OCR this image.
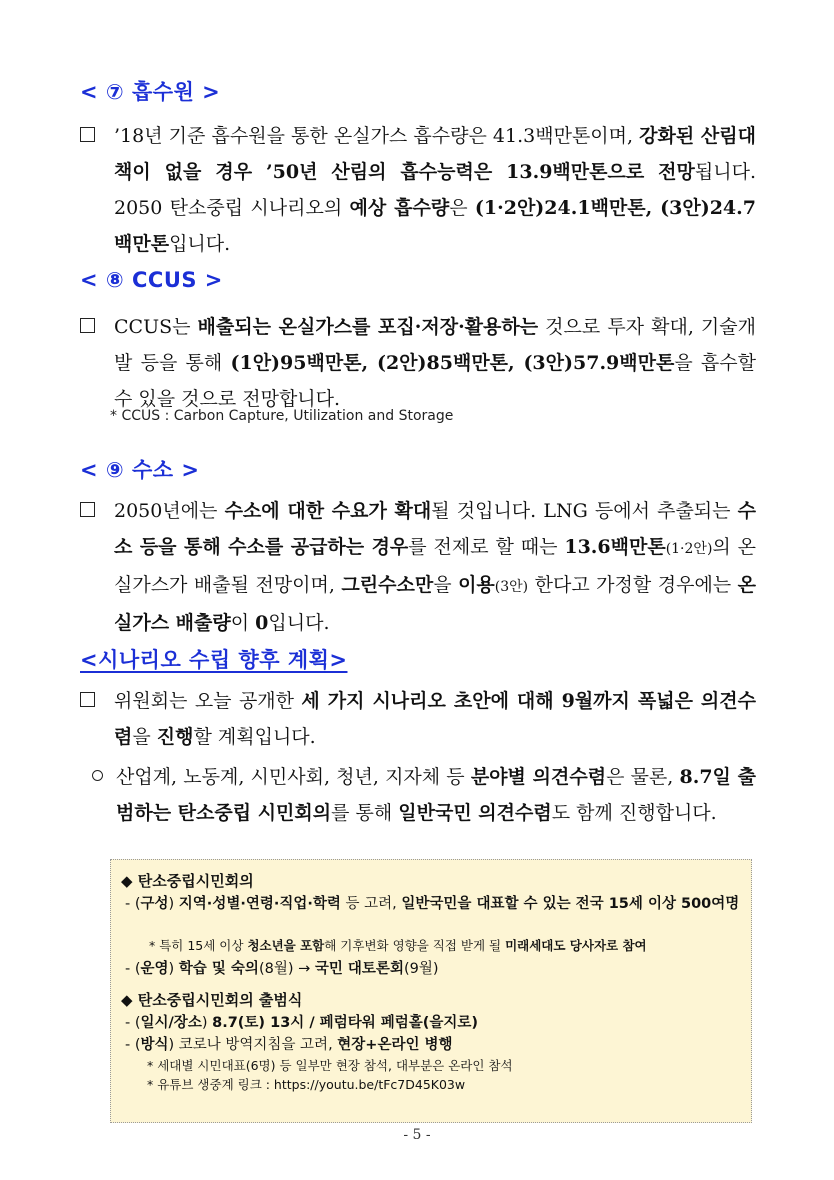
< ⑦ 흡수원 >
’18년 기준 흡수원을 통한 온실가스 흡수량은 41.3백만톤이며, 강화된 산림대책이 없을 경우 ’50년 산림의 흡수능력은 13.9백만톤으로 전망됩니다. 2050 탄소중립 시나리오의 예상 흡수량은 (1·2안)24.1백만톤, (3안)24.7백만톤입니다.
< ⑧ CCUS >
CCUS는 배출되는 온실가스를 포집·저장·활용하는 것으로 투자 확대, 기술개발 등을 통해 (1안)95백만톤, (2안)85백만톤, (3안)57.9백만톤을 흡수할 수 있을 것으로 전망합니다.
* CCUS : Carbon Capture, Utilization and Storage
< ⑨ 수소 >
2050년에는 수소에 대한 수요가 확대될 것입니다. LNG 등에서 추출되는 수소 등을 통해 수소를 공급하는 경우를 전제로 할 때는 13.6백만톤(1·2안)의 온실가스가 배출될 전망이며, 그린수소만을 이용(3안) 한다고 가정할 경우에는 온실가스 배출량이 0입니다.
<시나리오 수립 향후 계획>
위원회는 오늘 공개한 세 가지 시나리오 초안에 대해 9월까지 폭넓은 의견수렴을 진행할 계획입니다.
산업계, 노동계, 시민사회, 청년, 지자체 등 분야별 의견수렴은 물론, 8.7일 출범하는 탄소중립 시민회의를 통해 일반국민 의견수렴도 함께 진행합니다.
◆ 탄소중립시민회의
- (구성) 지역·성별·연령·직업·학력 등 고려, 일반국민을 대표할 수 있는 전국 15세 이상 500여명
* 특히 15세 이상 청소년을 포함해 기후변화 영향을 직접 받게 될 미래세대도 당사자로 참여
- (운영) 학습 및 숙의(8월) → 국민 대토론회(9월)
◆ 탄소중립시민회의 출범식
- (일시/장소) 8.7(토) 13시 / 페럼타워 페럼홀(을지로)
- (방식) 코로나 방역지침을 고려, 현장+온라인 병행
* 세대별 시민대표(6명) 등 일부만 현장 참석, 대부분은 온라인 참석
* 유튜브 생중계 링크 : https://youtu.be/tFc7D45K03w
- 5 -
